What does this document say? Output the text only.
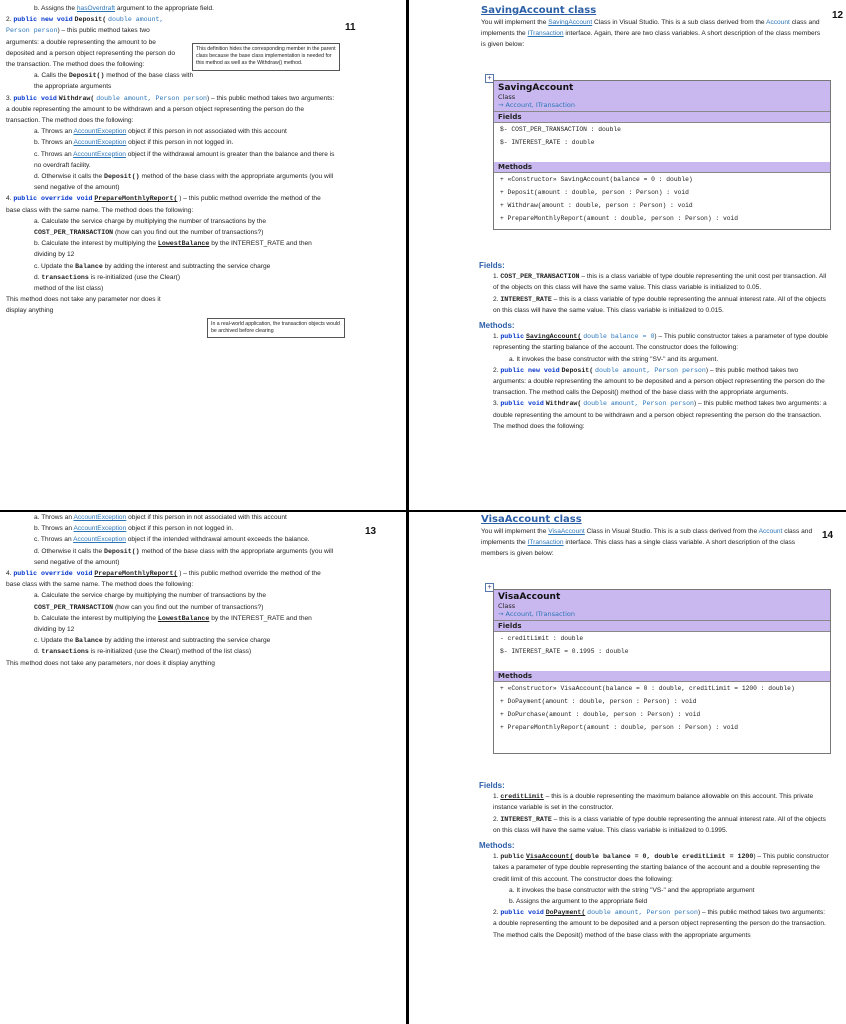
11
b. Assigns the hasOverdraft argument to the appropriate field.
2. public new void Deposit( double amount, Person person) – this public method takes two arguments: a double representing the amount to be deposited and a person object representing the person do the transaction. The method does the following:
a. Calls the Deposit() method of the base class with the appropriate arguments
3. public void Withdraw( double amount, Person person) – this public method takes two arguments: a double representing the amount to be withdrawn and a person object representing the person do the transaction. The method does the following:
a. Throws an AccountException object if this person in not associated with this account
b. Throws an AccountException object if this person in not logged in.
c. Throws an AccountException object if the withdrawal amount is greater than the balance and there is no overdraft facility.
d. Otherwise it calls the Deposit() method of the base class with the appropriate arguments (you will send negative of the amount)
4. public override void PrepareMonthlyReport( ) – this public method override the method of the base class with the same name. The method does the following:
a. Calculate the service charge by multiplying the number of transactions by the COST_PER_TRANSACTION (how can you find out the number of transactions?)
b. Calculate the interest by multiplying the LowestBalance by the INTEREST_RATE and then dividing by 12
c. Update the Balance by adding the interest and subtracting the service charge
d. transactions is re-initialized (use the Clear() method of the list class)
This method does not take any parameter nor does it display anything
This definition hides the corresponding member in the parent class because the base class implementation is needed for this method as well as the Withdraw() method.
In a real-world application, the transaction objects would be archived before clearing
12
SavingAccount class
You will implement the SavingAccount Class in Visual Studio. This is a sub class derived from the Account class and implements the ITransaction interface. Again, there are two class variables. A short description of the class members is given below:
+
SavingAccount
Class
→ Account, ITransaction
Fields
$- COST_PER_TRANSACTION : double
$- INTEREST_RATE : double

Methods
+ «Constructor» SavingAccount(balance = 0 : double)
+ Deposit(amount : double, person : Person) : void
+ Withdraw(amount : double, person : Person) : void
+ PrepareMonthlyReport(amount : double, person : Person) : void
Fields:
1. COST_PER_TRANSACTION – this is a class variable of type double representing the unit cost per transaction. All of the objects on this class will have the same value. This class variable is initialized to 0.05.
2. INTEREST_RATE – this is a class variable of type double representing the annual interest rate. All of the objects on this class will have the same value. This class variable is initialized to 0.015.
Methods:
1. public SavingAccount( double balance = 0) – This public constructor takes a parameter of type double representing the starting balance of the account. The constructor does the following:
a. It invokes the base constructor with the string "SV-" and its argument.
2. public new void Deposit( double amount, Person person) – this public method takes two arguments: a double representing the amount to be deposited and a person object representing the person do the transaction. The method calls the Deposit() method of the base class with the appropriate arguments.
3. public void Withdraw( double amount, Person person) – this public method takes two arguments: a double representing the amount to be withdrawn and a person object representing the person do the transaction. The method does the following:
13
a. Throws an AccountException object if this person in not associated with this account
b. Throws an AccountException object if this person in not logged in.
c. Throws an AccountException object if the intended withdrawal amount exceeds the balance.
d. Otherwise it calls the Deposit() method of the base class with the appropriate arguments (you will send negative of the amount)
4. public override void PrepareMonthlyReport( ) – this public method override the method of the base class with the same name. The method does the following:
a. Calculate the service charge by multiplying the number of transactions by the COST_PER_TRANSACTION (how can you find out the number of transactions?)
b. Calculate the interest by multiplying the LowestBalance by the INTEREST_RATE and then dividing by 12
c. Update the Balance by adding the interest and subtracting the service charge
d. transactions is re-initialized (use the Clear() method of the list class)
This method does not take any parameters, nor does it display anything
14
VisaAccount class
You will implement the VisaAccount Class in Visual Studio. This is a sub class derived from the Account class and implements the ITransaction interface. This class has a single class variable. A short description of the class members is given below:
+
VisaAccount
Class
→ Account, ITransaction
Fields
- creditLimit : double
$- INTEREST_RATE = 0.1995 : double

Methods
+ «Constructor» VisaAccount(balance = 0 : double, creditLimit = 1200 : double)
+ DoPayment(amount : double, person : Person) : void
+ DoPurchase(amount : double, person : Person) : void
+ PrepareMonthlyReport(amount : double, person : Person) : void
Fields:
1. creditLimit – this is a double representing the maximum balance allowable on this account. This private instance variable is set in the constructor.
2. INTEREST_RATE – this is a class variable of type double representing the annual interest rate. All of the objects on this class will have the same value. This class variable is initialized to 0.1995.
Methods:
1. public VisaAccount( double balance = 0, double creditLimit = 1200) – This public constructor takes a parameter of type double representing the starting balance of the account and a double representing the credit limit of this account. The constructor does the following:
a. It invokes the base constructor with the string "VS-" and the appropriate argument
b. Assigns the argument to the appropriate field
2. public void DoPayment( double amount, Person person) – this public method takes two arguments: a double representing the amount to be deposited and a person object representing the person do the transaction. The method calls the Deposit() method of the base class with the appropriate arguments
